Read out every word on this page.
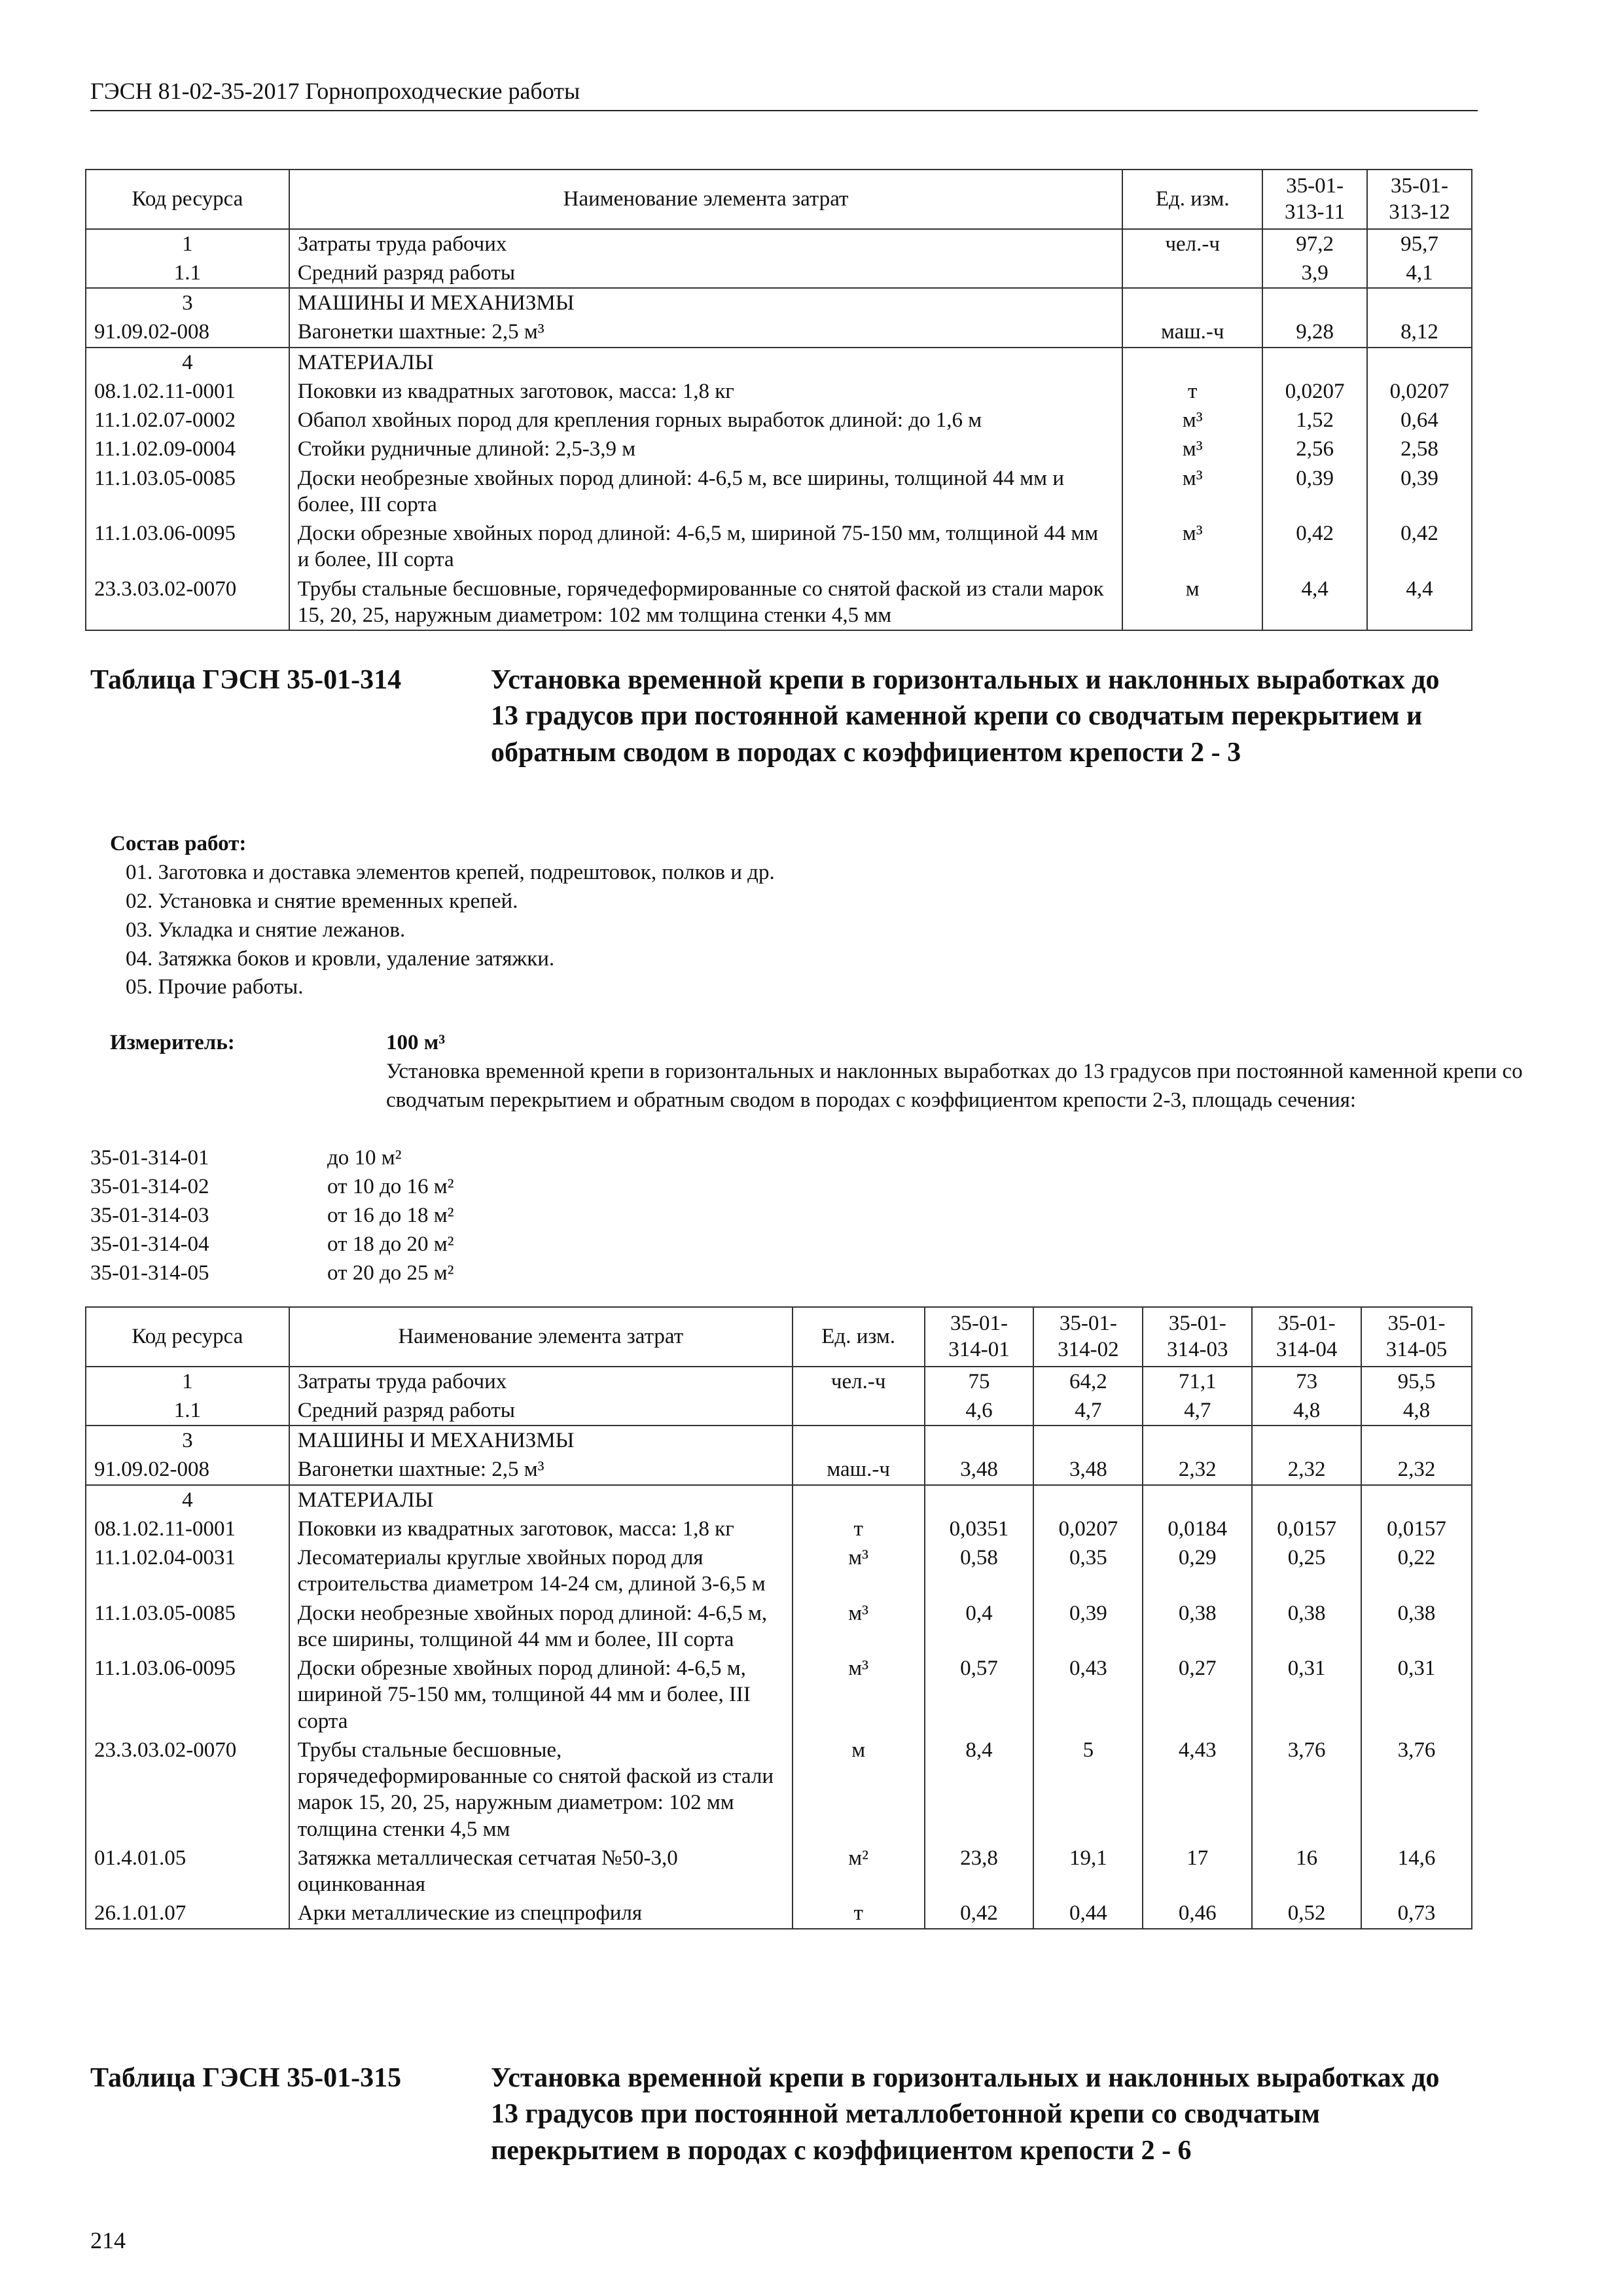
ГЭСН 81-02-35-2017 Горнопроходческие работы
Код ресурса	Наименование элемента затрат	Ед. изм.	35-01-313-11	35-01-313-12
1	Затраты труда рабочих	чел.-ч	97,2	95,7
1.1	Средний разряд работы		3,9	4,1
3	МАШИНЫ И МЕХАНИЗМЫ			
91.09.02-008	Вагонетки шахтные: 2,5 м³	маш.-ч	9,28	8,12
4	МАТЕРИАЛЫ			
08.1.02.11-0001	Поковки из квадратных заготовок, масса: 1,8 кг	т	0,0207	0,0207
11.1.02.07-0002	Обапол хвойных пород для крепления горных выработок длиной: до 1,6 м	м³	1,52	0,64
11.1.02.09-0004	Стойки рудничные длиной: 2,5-3,9 м	м³	2,56	2,58
11.1.03.05-0085	Доски необрезные хвойных пород длиной: 4-6,5 м, все ширины, толщиной 44 мм и более, III сорта	м³	0,39	0,39
11.1.03.06-0095	Доски обрезные хвойных пород длиной: 4-6,5 м, шириной 75-150 мм, толщиной 44 мм и более, III сорта	м³	0,42	0,42
23.3.03.02-0070	Трубы стальные бесшовные, горячедеформированные со снятой фаской из стали марок 15, 20, 25, наружным диаметром: 102 мм толщина стенки 4,5 мм	м	4,4	4,4
Таблица ГЭСН 35-01-314	Установка временной крепи в горизонтальных и наклонных выработках до 13 градусов при постоянной каменной крепи со сводчатым перекрытием и обратным сводом в породах с коэффициентом крепости 2 - 3
Состав работ:
01. Заготовка и доставка элементов крепей, подрештовок, полков и др.
02. Установка и снятие временных крепей.
03. Укладка и снятие лежанов.
04. Затяжка боков и кровли, удаление затяжки.
05. Прочие работы.
Измеритель:	100 м³
Установка временной крепи в горизонтальных и наклонных выработках до 13 градусов при постоянной каменной крепи со сводчатым перекрытием и обратным сводом в породах с коэффициентом крепости 2-3, площадь сечения:
35-01-314-01	до 10 м²
35-01-314-02	от 10 до 16 м²
35-01-314-03	от 16 до 18 м²
35-01-314-04	от 18 до 20 м²
35-01-314-05	от 20 до 25 м²
Код ресурса	Наименование элемента затрат	Ед. изм.	35-01-314-01	35-01-314-02	35-01-314-03	35-01-314-04	35-01-314-05
1	Затраты труда рабочих	чел.-ч	75	64,2	71,1	73	95,5
1.1	Средний разряд работы		4,6	4,7	4,7	4,8	4,8
3	МАШИНЫ И МЕХАНИЗМЫ						
91.09.02-008	Вагонетки шахтные: 2,5 м³	маш.-ч	3,48	3,48	2,32	2,32	2,32
4	МАТЕРИАЛЫ						
08.1.02.11-0001	Поковки из квадратных заготовок, масса: 1,8 кг	т	0,0351	0,0207	0,0184	0,0157	0,0157
11.1.02.04-0031	Лесоматериалы круглые хвойных пород для строительства диаметром 14-24 см, длиной 3-6,5 м	м³	0,58	0,35	0,29	0,25	0,22
11.1.03.05-0085	Доски необрезные хвойных пород длиной: 4-6,5 м, все ширины, толщиной 44 мм и более, III сорта	м³	0,4	0,39	0,38	0,38	0,38
11.1.03.06-0095	Доски обрезные хвойных пород длиной: 4-6,5 м, шириной 75-150 мм, толщиной 44 мм и более, III сорта	м³	0,57	0,43	0,27	0,31	0,31
23.3.03.02-0070	Трубы стальные бесшовные, горячедеформированные со снятой фаской из стали марок 15, 20, 25, наружным диаметром: 102 мм толщина стенки 4,5 мм	м	8,4	5	4,43	3,76	3,76
01.4.01.05	Затяжка металлическая сетчатая №50-3,0 оцинкованная	м²	23,8	19,1	17	16	14,6
26.1.01.07	Арки металлические из спецпрофиля	т	0,42	0,44	0,46	0,52	0,73
Таблица ГЭСН 35-01-315	Установка временной крепи в горизонтальных и наклонных выработках до 13 градусов при постоянной металлобетонной крепи со сводчатым перекрытием в породах с коэффициентом крепости 2 - 6
214
